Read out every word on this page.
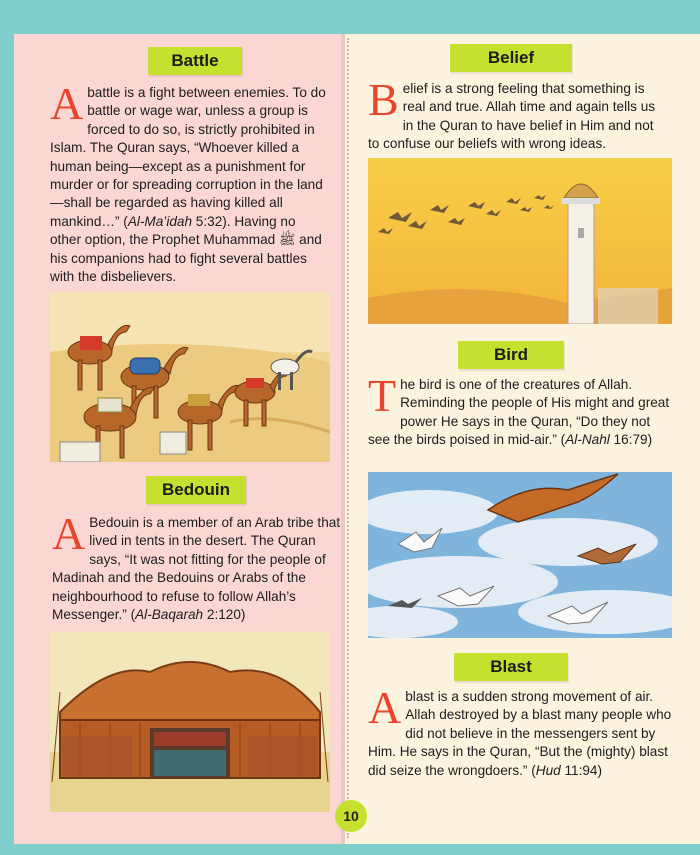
Battle

Abattle is a fight between enemies. To do battle or wage war, unless a group is forced to do so, is strictly prohibited in Islam. The Quran says, “Whoever killed a human being—except as a punishment for murder or for spreading corruption in the land—shall be regarded as having killed all mankind…” (Al-Ma’idah 5:32). Having no other option, the Prophet Muhammad ﷺ and his companions had to fight several battles with the disbelievers.

Bedouin

A Bedouin is a member of an Arab tribe that lived in tents in the desert. The Quran says, “It was not fitting for the people of Madinah and the Bedouins or Arabs of the neighbourhood to refuse to follow Allah’s Messenger.” (Al-Baqarah 2:120)

Belief

Belief is a strong feeling that something is real and true. Allah time and again tells us in the Quran to have belief in Him and not to confuse our beliefs with wrong ideas.

Bird

The bird is one of the creatures of Allah. Reminding the people of His might and great power He says in the Quran, “Do they not see the birds poised in mid-air.” (Al-Nahl 16:79)

Blast

A blast is a sudden strong movement of air. Allah destroyed by a blast many people who did not believe in the messengers sent by Him. He says in the Quran, “But the (mighty) blast did seize the wrongdoers.” (Hud 11:94)

10
